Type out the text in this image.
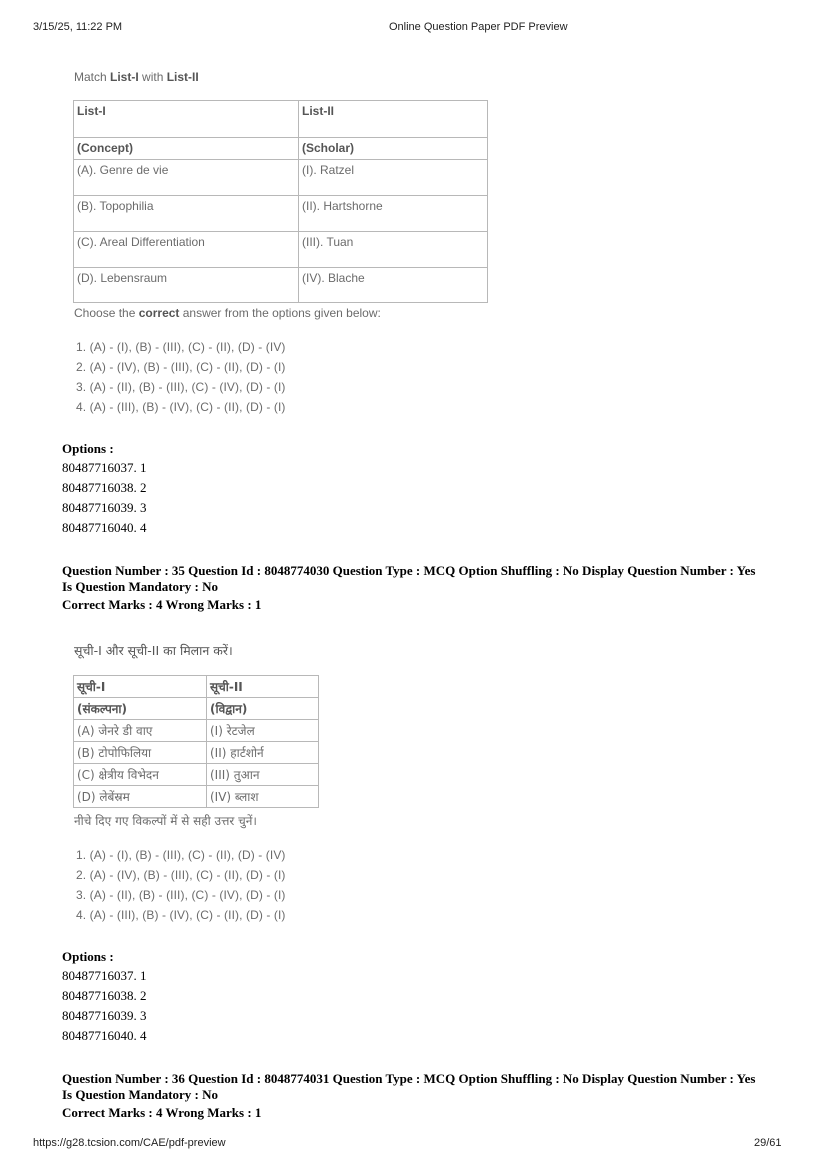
3/15/25, 11:22 PM	Online Question Paper PDF Preview
Match List-I with List-II
List-I	List-II
(Concept)	(Scholar)
(A). Genre de vie	(I). Ratzel
(B). Topophilia	(II). Hartshorne
(C). Areal Differentiation	(III). Tuan
(D). Lebensraum	(IV). Blache
Choose the correct answer from the options given below:
1. (A) - (I), (B) - (III), (C) - (II), (D) - (IV)
2. (A) - (IV), (B) - (III), (C) - (II), (D) - (I)
3. (A) - (II), (B) - (III), (C) - (IV), (D) - (I)
4. (A) - (III), (B) - (IV), (C) - (II), (D) - (I)
Options :
80487716037. 1
80487716038. 2
80487716039. 3
80487716040. 4
Question Number : 35 Question Id : 8048774030 Question Type : MCQ Option Shuffling : No Display Question Number : Yes
Is Question Mandatory : No
Correct Marks : 4 Wrong Marks : 1
सूची-I और सूची-II का मिलान करें।
सूची-I	सूची-II
(संकल्पना)	(विद्वान)
(A) जेनरे डी वाए	(I) रेटजेल
(B) टोपोफिलिया	(II) हार्टशोर्न
(C) क्षेत्रीय विभेदन	(III) तुआन
(D) लेबेंस्रम	(IV) ब्लाश
नीचे दिए गए विकल्पों में से सही उत्तर चुनें।
1. (A) - (I), (B) - (III), (C) - (II), (D) - (IV)
2. (A) - (IV), (B) - (III), (C) - (II), (D) - (I)
3. (A) - (II), (B) - (III), (C) - (IV), (D) - (I)
4. (A) - (III), (B) - (IV), (C) - (II), (D) - (I)
Options :
80487716037. 1
80487716038. 2
80487716039. 3
80487716040. 4
Question Number : 36 Question Id : 8048774031 Question Type : MCQ Option Shuffling : No Display Question Number : Yes
Is Question Mandatory : No
Correct Marks : 4 Wrong Marks : 1
https://g28.tcsion.com/CAE/pdf-preview	29/61
